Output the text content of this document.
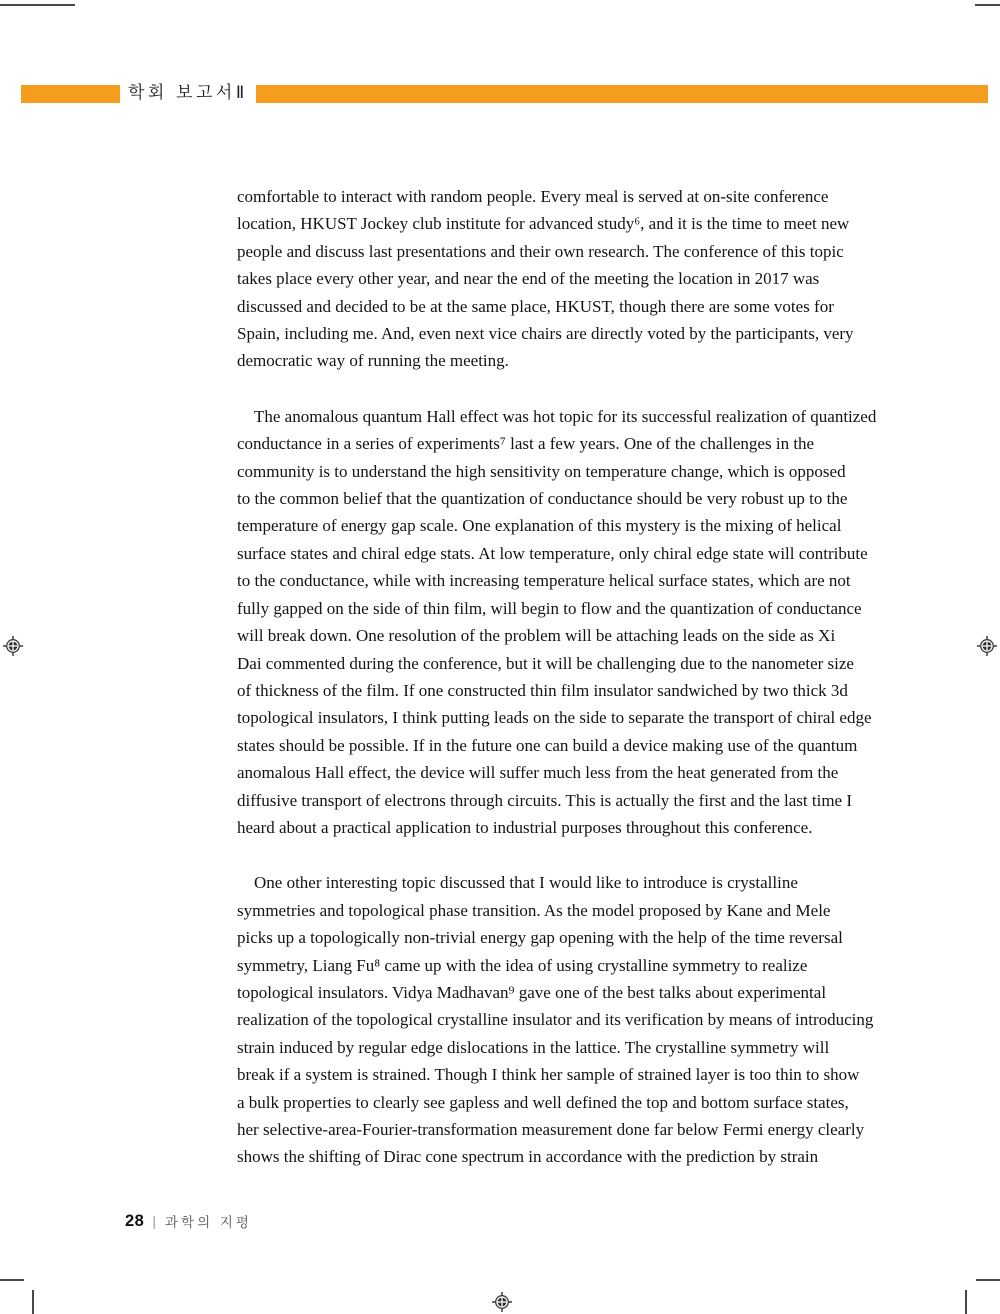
학회 보고서Ⅱ
comfortable to interact with random people. Every meal is served at on-site conference
location, HKUST Jockey club institute for advanced study⁶, and it is the time to meet new
people and discuss last presentations and their own research. The conference of this topic
takes place every other year, and near the end of the meeting the location in 2017 was
discussed and decided to be at the same place, HKUST, though there are some votes for
Spain, including me. And, even next vice chairs are directly voted by the participants, very
democratic way of running the meeting.
The anomalous quantum Hall effect was hot topic for its successful realization of quantized
conductance in a series of experiments⁷ last a few years. One of the challenges in the
community is to understand the high sensitivity on temperature change, which is opposed
to the common belief that the quantization of conductance should be very robust up to the
temperature of energy gap scale. One explanation of this mystery is the mixing of helical
surface states and chiral edge stats. At low temperature, only chiral edge state will contribute
to the conductance, while with increasing temperature helical surface states, which are not
fully gapped on the side of thin film, will begin to flow and the quantization of conductance
will break down. One resolution of the problem will be attaching leads on the side as Xi
Dai commented during the conference, but it will be challenging due to the nanometer size
of thickness of the film. If one constructed thin film insulator sandwiched by two thick 3d
topological insulators, I think putting leads on the side to separate the transport of chiral edge
states should be possible. If in the future one can build a device making use of the quantum
anomalous Hall effect, the device will suffer much less from the heat generated from the
diffusive transport of electrons through circuits. This is actually the first and the last time I
heard about a practical application to industrial purposes throughout this conference.
One other interesting topic discussed that I would like to introduce is crystalline
symmetries and topological phase transition. As the model proposed by Kane and Mele
picks up a topologically non-trivial energy gap opening with the help of the time reversal
symmetry, Liang Fu⁸ came up with the idea of using crystalline symmetry to realize
topological insulators. Vidya Madhavan⁹ gave one of the best talks about experimental
realization of the topological crystalline insulator and its verification by means of introducing
strain induced by regular edge dislocations in the lattice. The crystalline symmetry will
break if a system is strained. Though I think her sample of strained layer is too thin to show
a bulk properties to clearly see gapless and well defined the top and bottom surface states,
her selective-area-Fourier-transformation measurement done far below Fermi energy clearly
shows the shifting of Dirac cone spectrum in accordance with the prediction by strain
28 | 과학의 지평
